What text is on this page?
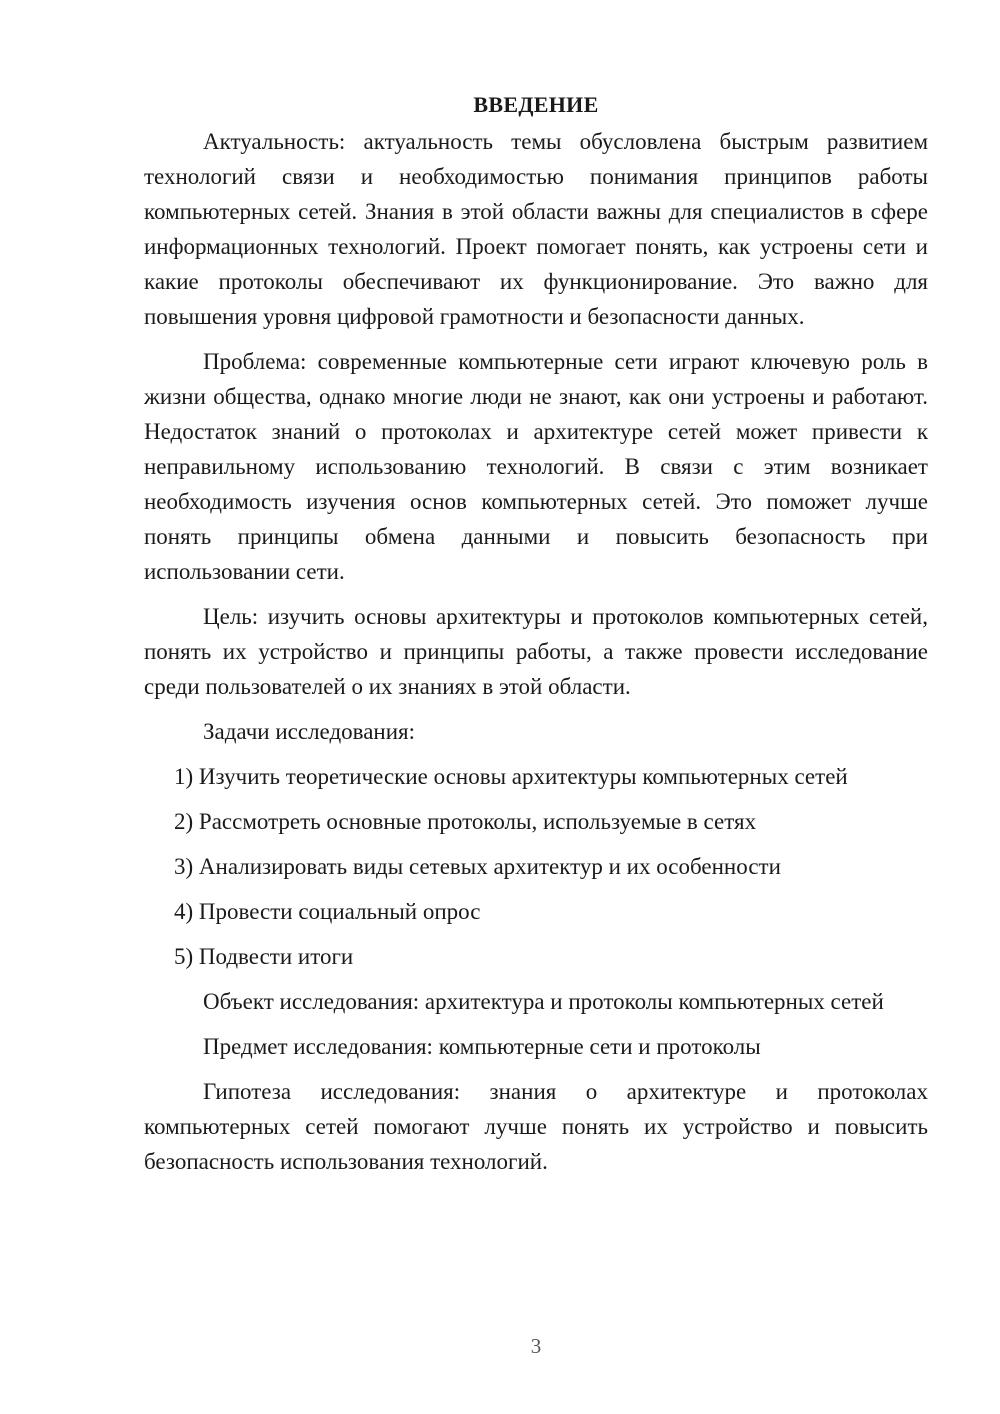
ВВЕДЕНИЕ

Актуальность: актуальность темы обусловлена быстрым развитием технологий связи и необходимостью понимания принципов работы компьютерных сетей. Знания в этой области важны для специалистов в сфере информационных технологий. Проект помогает понять, как устроены сети и какие протоколы обеспечивают их функционирование. Это важно для повышения уровня цифровой грамотности и безопасности данных.

Проблема: современные компьютерные сети играют ключевую роль в жизни общества, однако многие люди не знают, как они устроены и работают. Недостаток знаний о протоколах и архитектуре сетей может привести к неправильному использованию технологий. В связи с этим возникает необходимость изучения основ компьютерных сетей. Это поможет лучше понять принципы обмена данными и повысить безопасность при использовании сети.

Цель: изучить основы архитектуры и протоколов компьютерных сетей, понять их устройство и принципы работы, а также провести исследование среди пользователей о их знаниях в этой области.

Задачи исследования:

1) Изучить теоретические основы архитектуры компьютерных сетей

2) Рассмотреть основные протоколы, используемые в сетях

3) Анализировать виды сетевых архитектур и их особенности

4) Провести социальный опрос

5) Подвести итоги

Объект исследования: архитектура и протоколы компьютерных сетей

Предмет исследования: компьютерные сети и протоколы

Гипотеза исследования: знания о архитектуре и протоколах компьютерных сетей помогают лучше понять их устройство и повысить безопасность использования технологий.

3
